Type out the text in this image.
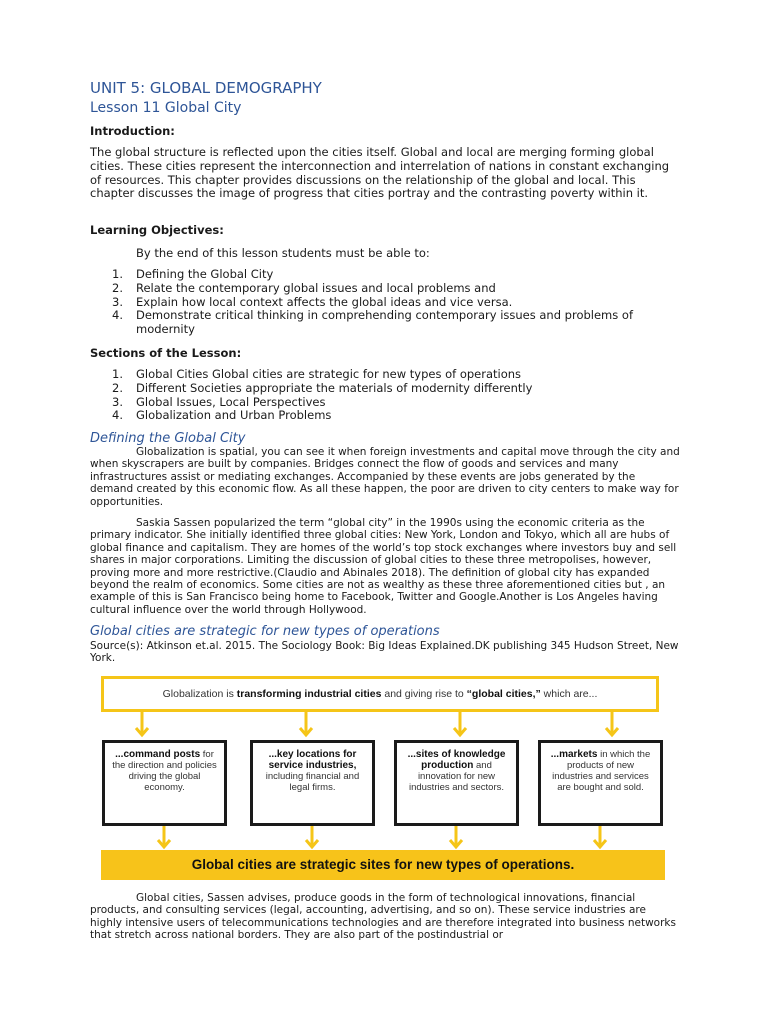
UNIT 5: GLOBAL DEMOGRAPHY
Lesson 11 Global City
Introduction:
The global structure is reflected upon the cities itself. Global and local are merging forming global cities. These cities represent the interconnection and interrelation of nations in constant exchanging of resources. This chapter provides discussions on the relationship of the global and local. This chapter discusses the image of progress that cities portray and the contrasting poverty within it.
Learning Objectives:
By the end of this lesson students must be able to:
1. Defining the Global City
2. Relate the contemporary global issues and local problems and
3. Explain how local context affects the global ideas and vice versa.
4. Demonstrate critical thinking in comprehending contemporary issues and problems of modernity
Sections of the Lesson:
1. Global Cities Global cities are strategic for new types of operations
2. Different Societies appropriate the materials of modernity differently
3. Global Issues, Local Perspectives
4. Globalization and Urban Problems
Defining the Global City
Globalization is spatial, you can see it when foreign investments and capital move through the city and when skyscrapers are built by companies. Bridges connect the flow of goods and services and many infrastructures assist or mediating exchanges. Accompanied by these events are jobs generated by the demand created by this economic flow. As all these happen, the poor are driven to city centers to make way for opportunities.
Saskia Sassen popularized the term “global city” in the 1990s using the economic criteria as the primary indicator. She initially identified three global cities: New York, London and Tokyo, which all are hubs of global finance and capitalism. They are homes of the world’s top stock exchanges where investors buy and sell shares in major corporations. Limiting the discussion of global cities to these three metropolises, however, proving more and more restrictive.(Claudio and Abinales 2018). The definition of global city has expanded beyond the realm of economics. Some cities are not as wealthy as these three aforementioned cities but , an example of this is San Francisco being home to Facebook, Twitter and Google.Another is Los Angeles having cultural influence over the world through Hollywood.
Global cities are strategic for new types of operations
Source(s): Atkinson et.al. 2015. The Sociology Book: Big Ideas Explained.DK publishing 345 Hudson Street, New York.
Globalization is transforming industrial cities and giving rise to “global cities,” which are...
...command posts for the direction and policies driving the global economy.
...key locations for service industries, including financial and legal firms.
...sites of knowledge production and innovation for new industries and sectors.
...markets in which the products of new industries and services are bought and sold.
Global cities are strategic sites for new types of operations.
Global cities, Sassen advises, produce goods in the form of technological innovations, financial products, and consulting services (legal, accounting, advertising, and so on). These service industries are highly intensive users of telecommunications technologies and are therefore integrated into business networks that stretch across national borders. They are also part of the postindustrial or
